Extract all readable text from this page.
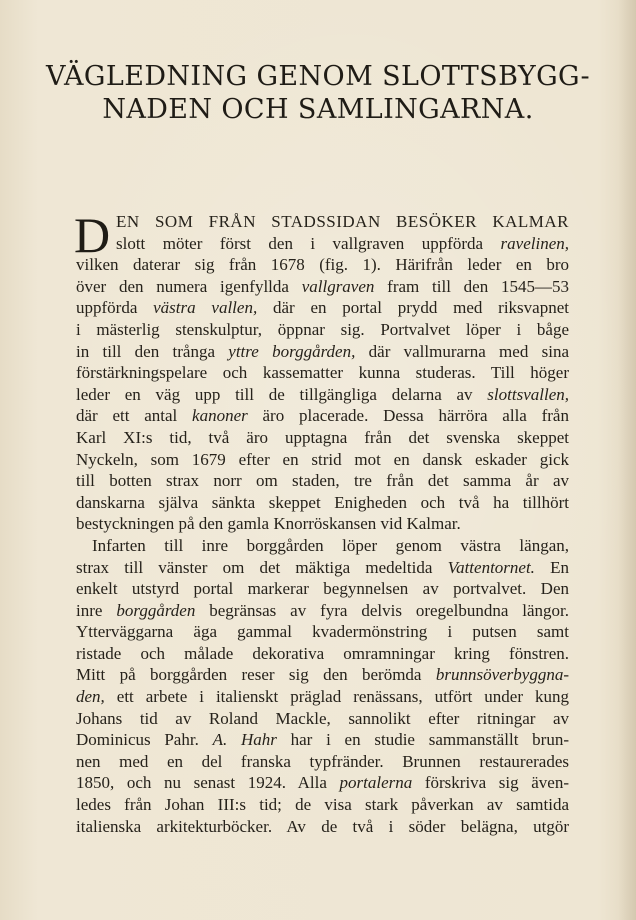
VÄGLEDNING GENOM SLOTTSBYGG-
NADEN OCH SAMLINGARNA.
D EN SOM FRÅN STADSSIDAN BESÖKER KALMAR
slott möter först den i vallgraven uppförda ravelinen,
vilken daterar sig från 1678 (fig. 1). Härifrån leder en bro
över den numera igenfyllda vallgraven fram till den 1545—53
uppförda västra vallen, där en portal prydd med riksvapnet
i mästerlig stenskulptur, öppnar sig. Portvalvet löper i båge
in till den trånga yttre borggården, där vallmurarna med sina
förstärkningspelare och kassematter kunna studeras. Till höger
leder en väg upp till de tillgängliga delarna av slottsvallen,
där ett antal kanoner äro placerade. Dessa härröra alla från
Karl XI:s tid, två äro upptagna från det svenska skeppet
Nyckeln, som 1679 efter en strid mot en dansk eskader gick
till botten strax norr om staden, tre från det samma år av
danskarna själva sänkta skeppet Enigheden och två ha tillhört
bestyckningen på den gamla Knorröskansen vid Kalmar.
Infarten till inre borggården löper genom västra längan,
strax till vänster om det mäktiga medeltida Vattentornet. En
enkelt utstyrd portal markerar begynnelsen av portvalvet. Den
inre borggården begränsas av fyra delvis oregelbundna längor.
Ytterväggarna äga gammal kvadermönstring i putsen samt
ristade och målade dekorativa omramningar kring fönstren.
Mitt på borggården reser sig den berömda brunnsöverbyggna-
den, ett arbete i italienskt präglad renässans, utfört under kung
Johans tid av Roland Mackle, sannolikt efter ritningar av
Dominicus Pahr. A. Hahr har i en studie sammanställt brun-
nen med en del franska typfränder. Brunnen restaurerades
1850, och nu senast 1924. Alla portalerna förskriva sig även-
ledes från Johan III:s tid; de visa stark påverkan av samtida
italienska arkitekturböcker. Av de två i söder belägna, utgör
